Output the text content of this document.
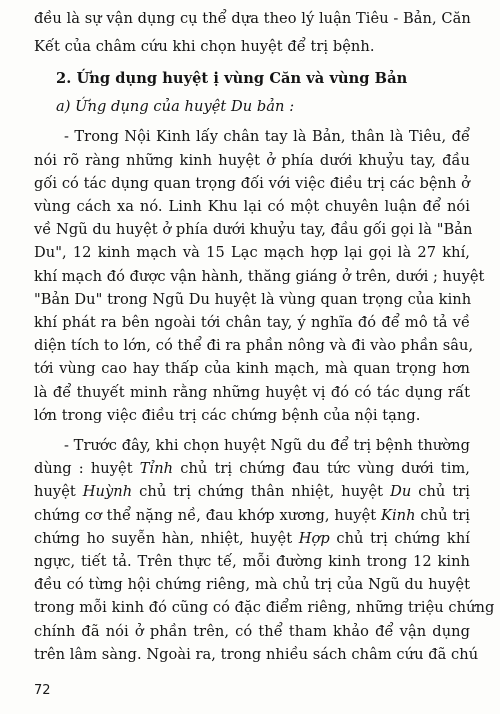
đều là sự vận dụng cụ thể dựa theo lý luận Tiêu - Bản, Căn
Kết của châm cứu khi chọn huyệt để trị bệnh.
2. Ứng dụng huyệt ị vùng Căn và vùng Bản
a) Ứng dụng của huyệt Du bản :
- Trong Nội Kinh lấy chân tay là Bản, thân là Tiêu, để
nói rõ ràng những kinh huyệt ở phía dưới khuỷu tay, đầu
gối có tác dụng quan trọng đối với việc điều trị các bệnh ở
vùng cách xa nó. Linh Khu lại có một chuyên luận để nói
về Ngũ du huyệt ở phía dưới khuỷu tay, đầu gối gọi là "Bản
Du", 12 kinh mạch và 15 Lạc mạch hợp lại gọi là 27 khí,
khí mạch đó được vận hành, thăng giáng ở trên, dưới ; huyệt
"Bản Du" trong Ngũ Du huyệt là vùng quan trọng của kinh
khí phát ra bên ngoài tới chân tay, ý nghĩa đó để mô tả về
diện tích to lớn, có thể đi ra phần nông và đi vào phần sâu,
tới vùng cao hay thấp của kinh mạch, mà quan trọng hơn
là để thuyết minh rằng những huyệt vị đó có tác dụng rất
lớn trong việc điều trị các chứng bệnh của nội tạng.
- Trước đây, khi chọn huyệt Ngũ du để trị bệnh thường
dùng : huyệt Tỉnh chủ trị chứng đau tức vùng dưới tim,
huyệt Huỳnh chủ trị chứng thân nhiệt, huyệt Du chủ trị
chứng cơ thể nặng nề, đau khớp xương, huyệt Kinh chủ trị
chứng ho suyễn hàn, nhiệt, huyệt Hợp chủ trị chứng khí
ngực, tiết tả. Trên thực tế, mỗi đường kinh trong 12 kinh
đều có từng hội chứng riêng, mà chủ trị của Ngũ du huyệt
trong mỗi kinh đó cũng có đặc điểm riêng, những triệu chứng
chính đã nói ở phần trên, có thể tham khảo để vận dụng
trên lâm sàng. Ngoài ra, trong nhiều sách châm cứu đã chú
72
